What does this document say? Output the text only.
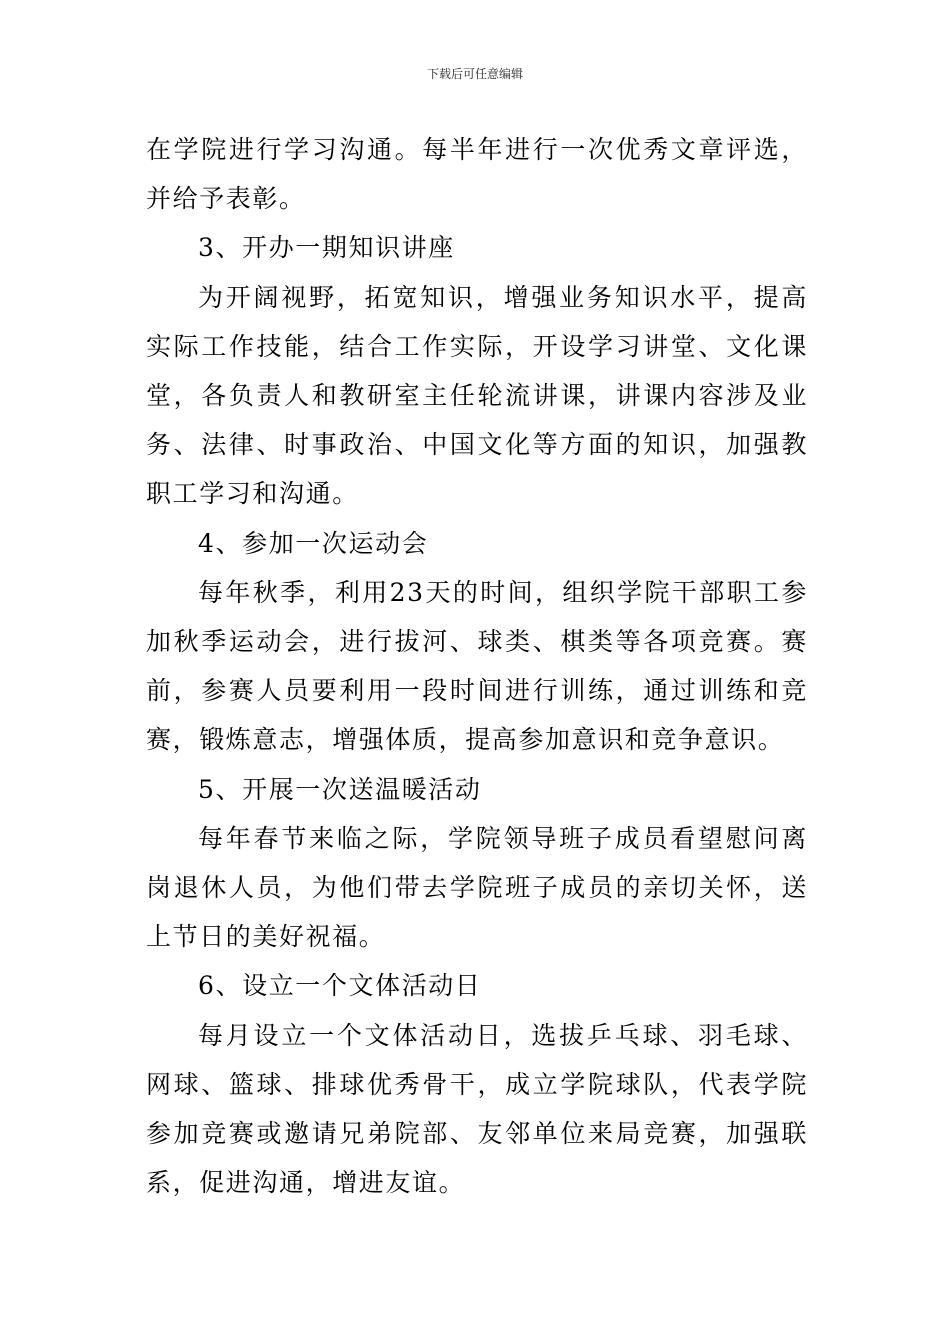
下载后可任意编辑

在学院进行学习沟通。每半年进行一次优秀文章评选，并给予表彰。

3、开办一期知识讲座

为开阔视野，拓宽知识，增强业务知识水平，提高实际工作技能，结合工作实际，开设学习讲堂、文化课堂，各负责人和教研室主任轮流讲课，讲课内容涉及业务、法律、时事政治、中国文化等方面的知识，加强教职工学习和沟通。

4、参加一次运动会

每年秋季，利用23天的时间，组织学院干部职工参加秋季运动会，进行拔河、球类、棋类等各项竞赛。赛前，参赛人员要利用一段时间进行训练，通过训练和竞赛，锻炼意志，增强体质，提高参加意识和竞争意识。

5、开展一次送温暖活动

每年春节来临之际，学院领导班子成员看望慰问离岗退休人员，为他们带去学院班子成员的亲切关怀，送上节日的美好祝福。

6、设立一个文体活动日

每月设立一个文体活动日，选拔乒乓球、羽毛球、网球、篮球、排球优秀骨干，成立学院球队，代表学院参加竞赛或邀请兄弟院部、友邻单位来局竞赛，加强联系，促进沟通，增进友谊。
